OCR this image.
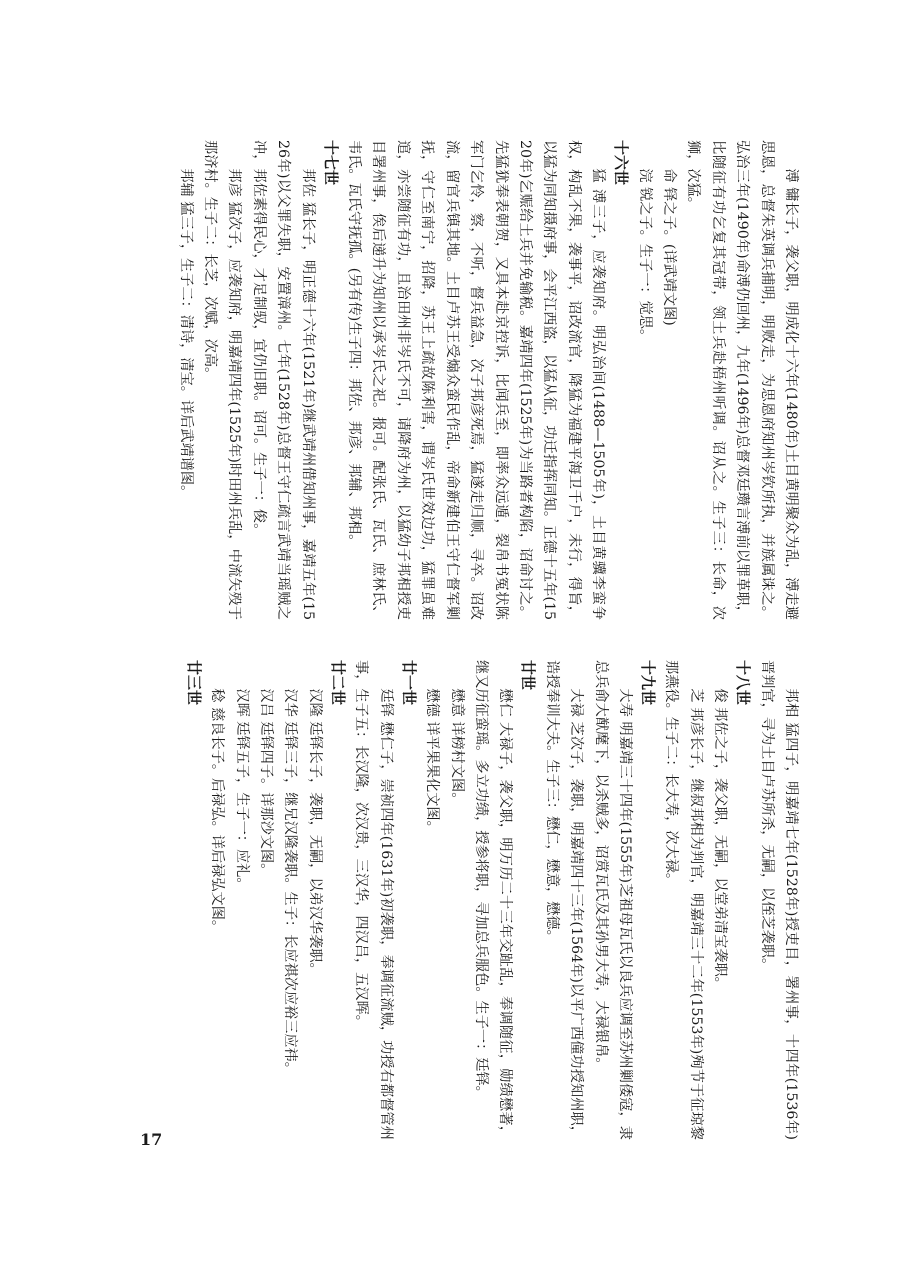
溥 镛长子，袭父职，明成化十六年(1480年)土目黄明聚众为乱，溥走避思恩，总督朱英调兵捕明，明败走，为思恩府知州岑钦所执，并族属诛之。弘治三年(1490年)命溥仍回州，九年(1496年)总督邓廷瓒言溥前以罪革职，比随征有功乞复其冠带，领土兵赴梧州听调。诏从之。生子三：长命，次狮，次猛。

命 铎之子。(详武靖文图)

浣 锐之子。生子一：觉思。

十六世

猛 溥三子，应袭知府。明弘治间(1488—1505年)，土目黄骥李蛮争权，构乱不果，袭事平，诏改流官，降猛为福建平海卫千户，未行，得旨，以猛为同知摄府事，会平江西盗，以猛从征，功迁指挥同知。正德十五年(1520年)乞赈给土兵并免输税。嘉靖四年(1525年)为当路者构陷，诏命讨之。先猛犹奉表朝贺，又具本赴京控诉，比闻兵至，即率众远遁，裂帛书冤状陈军门乞怜，察，不听，督兵益急，次子邦彦死焉，猛遂走归顺，寻卒。诏改流，留官兵镇其地。土目卢苏王受煽众蛮民作乱，帝命新建伯王守仁督军剿抚，守仁至南宁，招降，苏王上疏故陈利害，谓岑氏世效边功，猛罪虽难逭，亦尝随征有功，且治田州非岑氏不可，请降府为州，以猛幼子邦相授吏目署州事，俟后递升为知州以承岑氏之祀。报可。配张氏、瓦氏、庶林氏、韦氏。瓦氏守抚孤。(另有传)生子四：邦佐、邦彦、邦辅、邦相。

十七世

邦佐 猛长子，明正德十六年(1521年)继武靖州借知州事，嘉靖五年(1526年)以父罪失职，安置漳州。七年(1528年)总督王守仁疏言武靖当瑶贼之冲，邦佐素得民心，才足制驭，宜仍旧职。诏可。生子一：俊。

邦彦 猛次子，应袭知府，明嘉靖四年(1525年)时田州兵乱，中流矢殁于那济村。生子二：长芝，次赋，次高。

邦辅 猛三子，生子二：清诗，清宝。详后武靖谱图。

邦相 猛四子，明嘉靖七年(1528年)授吏目，署州事，十四年(1536年)晋判官，寻为土目卢苏所杀，无嗣，以侄芝袭职。

十八世

俊 邦佐之子，袭父职，无嗣，以堂弟清宝袭职。

芝 邦彦长子，继叔邦相为判官，明嘉靖三十二年(1553年)殉节于征琼黎那燕役。生子二：长大寿，次大禄。

十九世

大寿 明嘉靖三十四年(1555年)芝祖母瓦氏以良兵应调至苏州剿倭寇，隶总兵俞大猷麾下，以杀贼多，诏赏瓦氏及其孙男大寿，大禄银帛。

大禄 芝次子，袭职，明嘉靖四十三年(1564年)以平广西僮功授知州职，诰授奉训大夫。生子三：懋仁，懋意，懋德。

廿世

懋仁 大禄子，袭父职，明万历二十三年交趾乱，奉调随征，勋绩懋著，继又历征蛮瑶。多立功绩，授参将职，寻加总兵服色。生子一：廷铎。

懋意 详榜村文图。

懋德 详平果果化文图。

廿一世

廷铎 懋仁子，崇祯四年(1631年)初袭职，奉调征流贼，功授右都督管州事，生子五：长汉隆，次汉贵，三汉华，四汉吕，五汉晖。

廿二世

汉隆 廷铎长子，袭职，无嗣，以弟汉华袭职。

汉华 廷铎三子，继兄汉隆袭职。生子：长应祺次应裕三应祎。

汉吕 廷铎四子。详那沙文图。

汉晖 廷铎五子，生子一：应礼。

稔 慈良长子。后禄弘。详后禄弘文图。

廿三世
17
